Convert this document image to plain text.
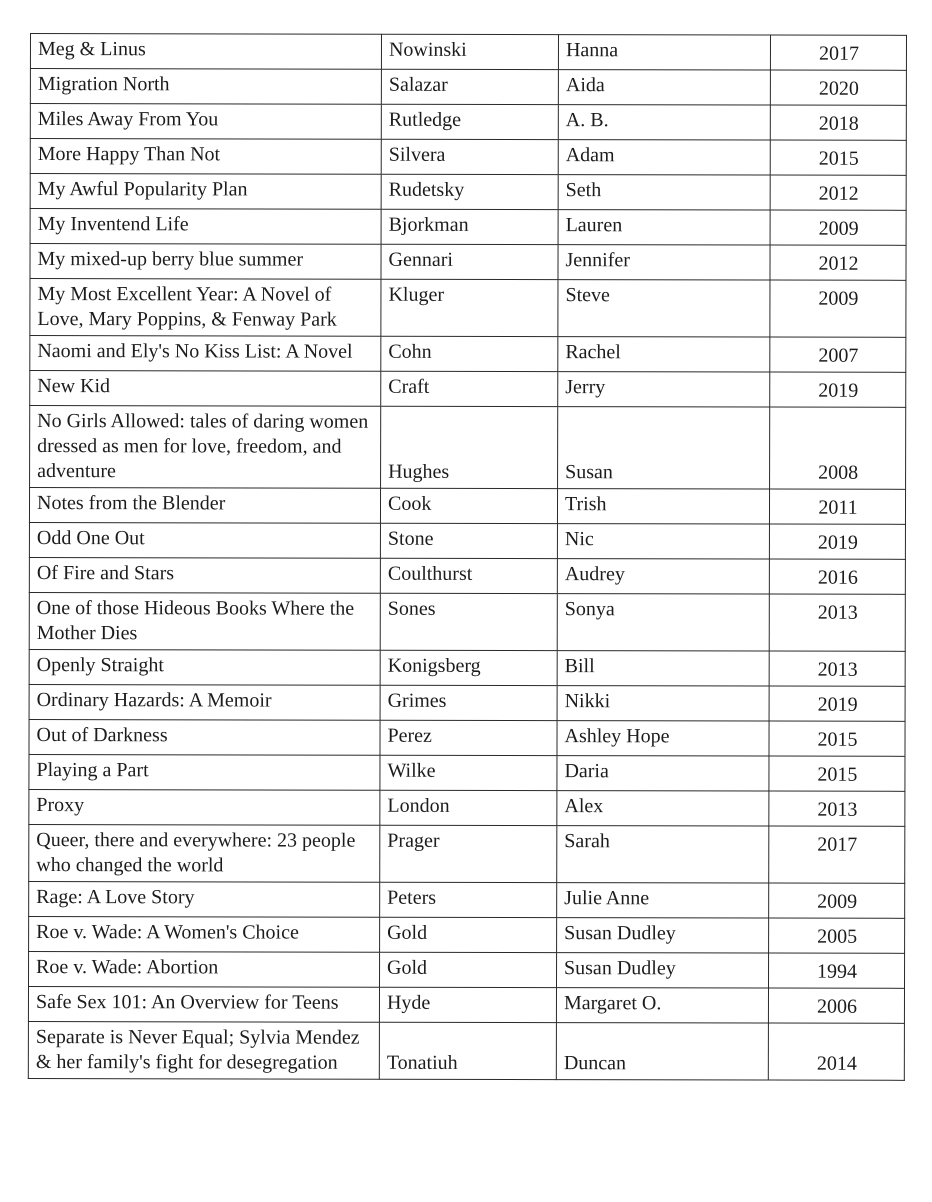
Meg & Linus	Nowinski	Hanna	2017
Migration North	Salazar	Aida	2020
Miles Away From You	Rutledge	A. B.	2018
More Happy Than Not	Silvera	Adam	2015
My Awful Popularity Plan	Rudetsky	Seth	2012
My Inventend Life	Bjorkman	Lauren	2009
My mixed-up berry blue summer	Gennari	Jennifer	2012
My Most Excellent Year: A Novel of Love, Mary Poppins, & Fenway Park	Kluger	Steve	2009
Naomi and Ely's No Kiss List: A Novel	Cohn	Rachel	2007
New Kid	Craft	Jerry	2019
No Girls Allowed: tales of daring women dressed as men for love, freedom, and adventure	Hughes	Susan	2008
Notes from the Blender	Cook	Trish	2011
Odd One Out	Stone	Nic	2019
Of Fire and Stars	Coulthurst	Audrey	2016
One of those Hideous Books Where the Mother Dies	Sones	Sonya	2013
Openly Straight	Konigsberg	Bill	2013
Ordinary Hazards: A Memoir	Grimes	Nikki	2019
Out of Darkness	Perez	Ashley Hope	2015
Playing a Part	Wilke	Daria	2015
Proxy	London	Alex	2013
Queer, there and everywhere: 23 people who changed the world	Prager	Sarah	2017
Rage: A Love Story	Peters	Julie Anne	2009
Roe v. Wade: A Women's Choice	Gold	Susan Dudley	2005
Roe v. Wade: Abortion	Gold	Susan Dudley	1994
Safe Sex 101: An Overview for Teens	Hyde	Margaret O.	2006
Separate is Never Equal; Sylvia Mendez & her family's fight for desegregation	Tonatiuh	Duncan	2014
